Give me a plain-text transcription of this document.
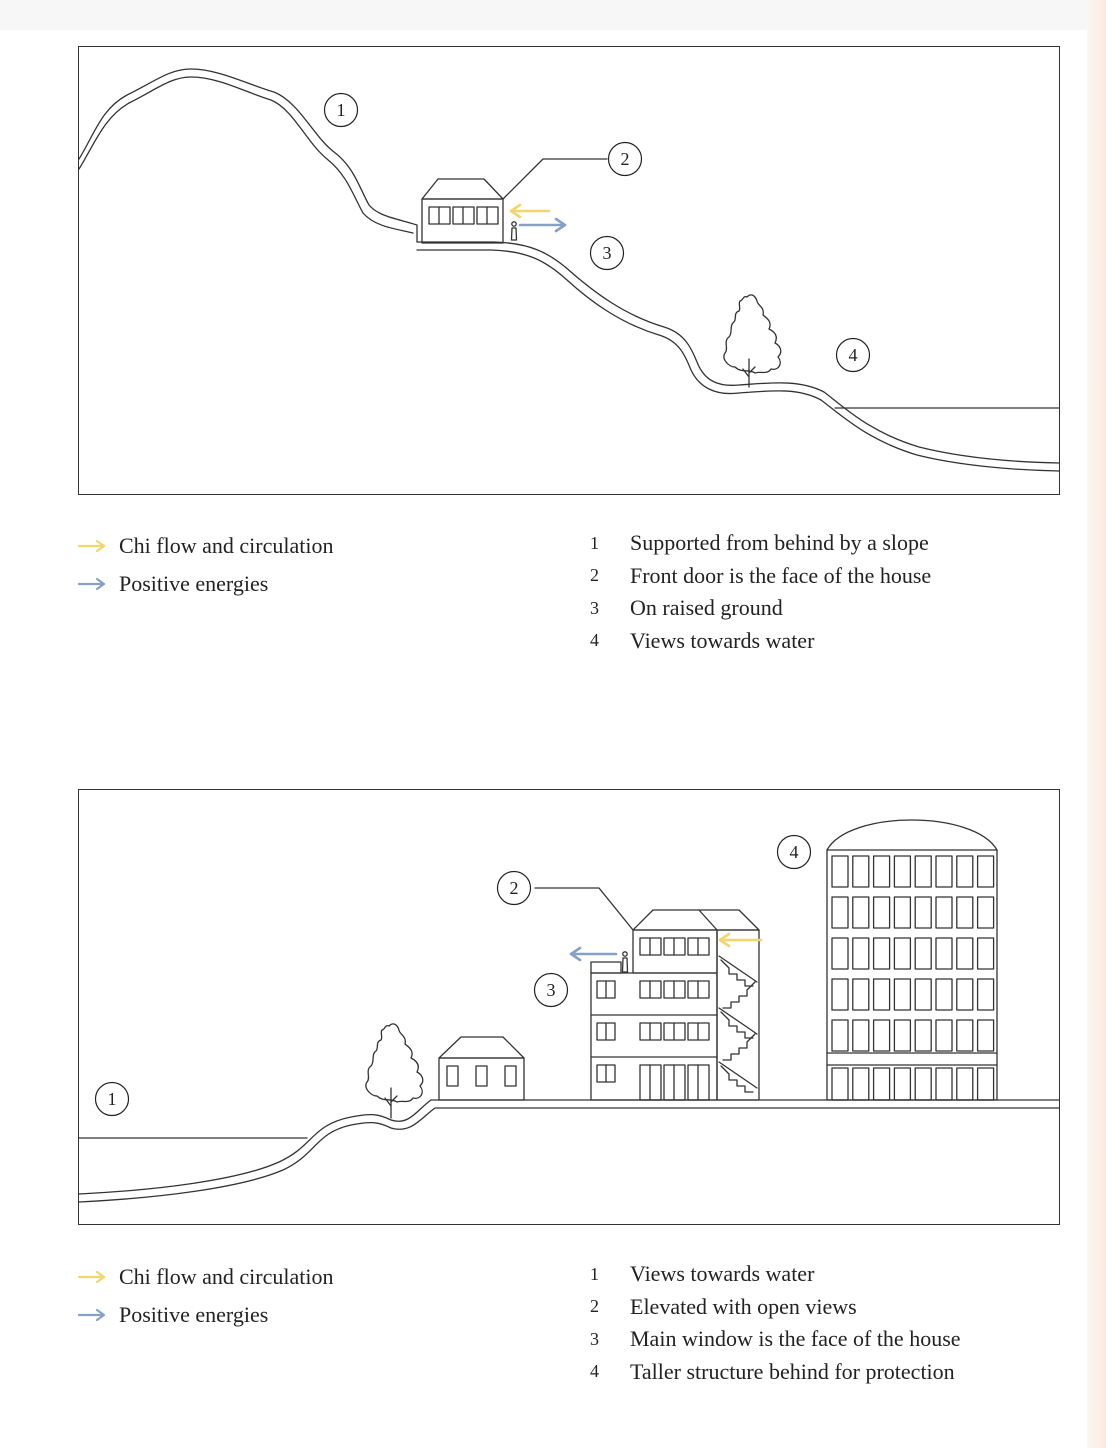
1
2
3
4
Chi flow and circulation
Positive energies
1	Supported from behind by a slope
2	Front door is the face of the house
3	On raised ground
4	Views towards water
1
2
3
4
Chi flow and circulation
Positive energies
1	Views towards water
2	Elevated with open views
3	Main window is the face of the house
4	Taller structure behind for protection
